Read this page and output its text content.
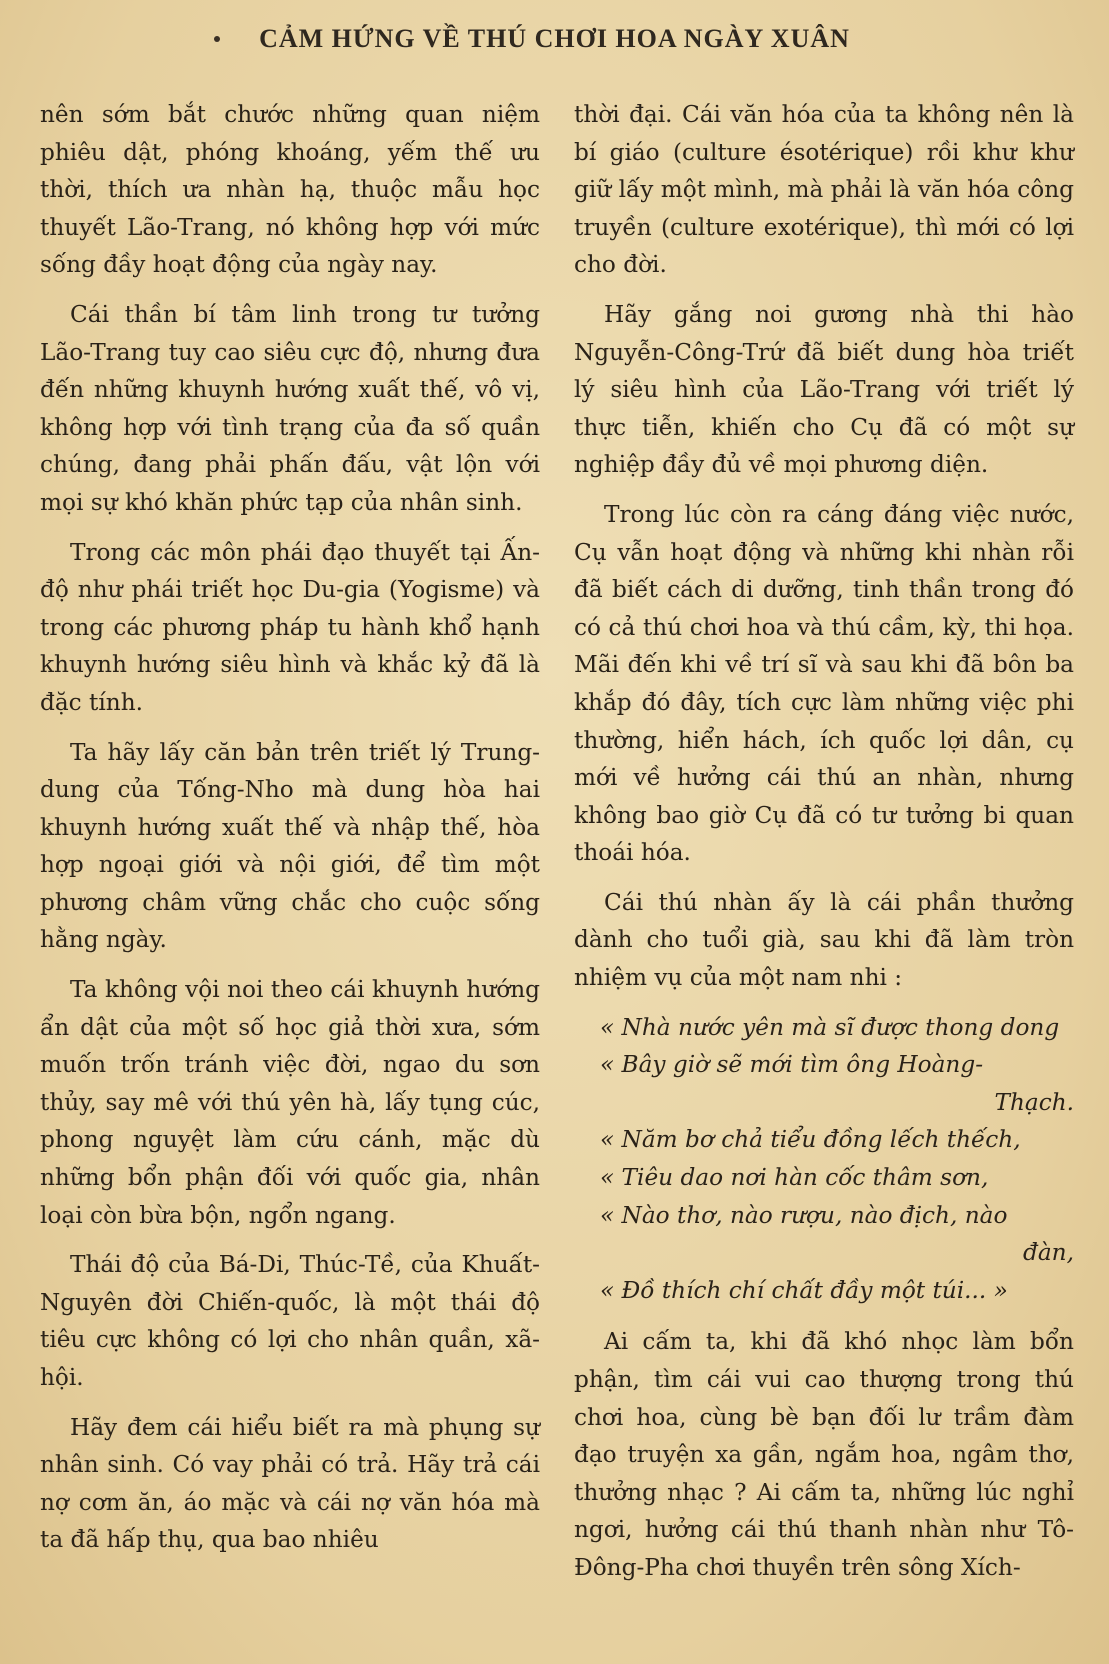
CẢM HỨNG VỀ THÚ CHƠI HOA NGÀY XUÂN

nên sớm bắt chước những quan niệm phiêu dật, phóng khoáng, yếm thế ưu thời, thích ưa nhàn hạ, thuộc mẫu học thuyết Lão-Trang, nó không hợp với mức sống đầy hoạt động của ngày nay.

Cái thần bí tâm linh trong tư tưởng Lão-Trang tuy cao siêu cực độ, nhưng đưa đến những khuynh hướng xuất thế, vô vị, không hợp với tình trạng của đa số quần chúng, đang phải phấn đấu, vật lộn với mọi sự khó khăn phức tạp của nhân sinh.

Trong các môn phái đạo thuyết tại Ấn-độ như phái triết học Du-gia (Yogisme) và trong các phương pháp tu hành khổ hạnh khuynh hướng siêu hình và khắc kỷ đã là đặc tính.

Ta hãy lấy căn bản trên triết lý Trung-dung của Tống-Nho mà dung hòa hai khuynh hướng xuất thế và nhập thế, hòa hợp ngoại giới và nội giới, để tìm một phương châm vững chắc cho cuộc sống hằng ngày.

Ta không vội noi theo cái khuynh hướng ẩn dật của một số học giả thời xưa, sớm muốn trốn tránh việc đời, ngao du sơn thủy, say mê với thú yên hà, lấy tụng cúc, phong nguyệt làm cứu cánh, mặc dù những bổn phận đối với quốc gia, nhân loại còn bừa bộn, ngổn ngang.

Thái độ của Bá-Di, Thúc-Tề, của Khuất-Nguyên đời Chiến-quốc, là một thái độ tiêu cực không có lợi cho nhân quần, xã-hội.

Hãy đem cái hiểu biết ra mà phụng sự nhân sinh. Có vay phải có trả. Hãy trả cái nợ cơm ăn, áo mặc và cái nợ văn hóa mà ta đã hấp thụ, qua bao nhiêu

thời đại. Cái văn hóa của ta không nên là bí giáo (culture ésotérique) rồi khư khư giữ lấy một mình, mà phải là văn hóa công truyền (culture exotérique), thì mới có lợi cho đời.

Hãy gắng noi gương nhà thi hào Nguyễn-Công-Trứ đã biết dung hòa triết lý siêu hình của Lão-Trang với triết lý thực tiễn, khiến cho Cụ đã có một sự nghiệp đầy đủ về mọi phương diện.

Trong lúc còn ra cáng đáng việc nước, Cụ vẫn hoạt động và những khi nhàn rỗi đã biết cách di dưỡng, tinh thần trong đó có cả thú chơi hoa và thú cầm, kỳ, thi họa. Mãi đến khi về trí sĩ và sau khi đã bôn ba khắp đó đây, tích cực làm những việc phi thường, hiển hách, ích quốc lợi dân, cụ mới về hưởng cái thú an nhàn, nhưng không bao giờ Cụ đã có tư tưởng bi quan thoái hóa.

Cái thú nhàn ấy là cái phần thưởng dành cho tuổi già, sau khi đã làm tròn nhiệm vụ của một nam nhi :

« Nhà nước yên mà sĩ được thong dong
« Bây giờ sẽ mới tìm ông Hoàng-
Thạch.
« Năm bơ chả tiểu đồng lếch thếch,
« Tiêu dao nơi hàn cốc thâm sơn,
« Nào thơ, nào rượu, nào địch, nào
đàn,
« Đồ thích chí chất đầy một túi... »

Ai cấm ta, khi đã khó nhọc làm bổn phận, tìm cái vui cao thượng trong thú chơi hoa, cùng bè bạn đối lư trầm đàm đạo truyện xa gần, ngắm hoa, ngâm thơ, thưởng nhạc ? Ai cấm ta, những lúc nghỉ ngơi, hưởng cái thú thanh nhàn như Tô-Đông-Pha chơi thuyền trên sông Xích-
